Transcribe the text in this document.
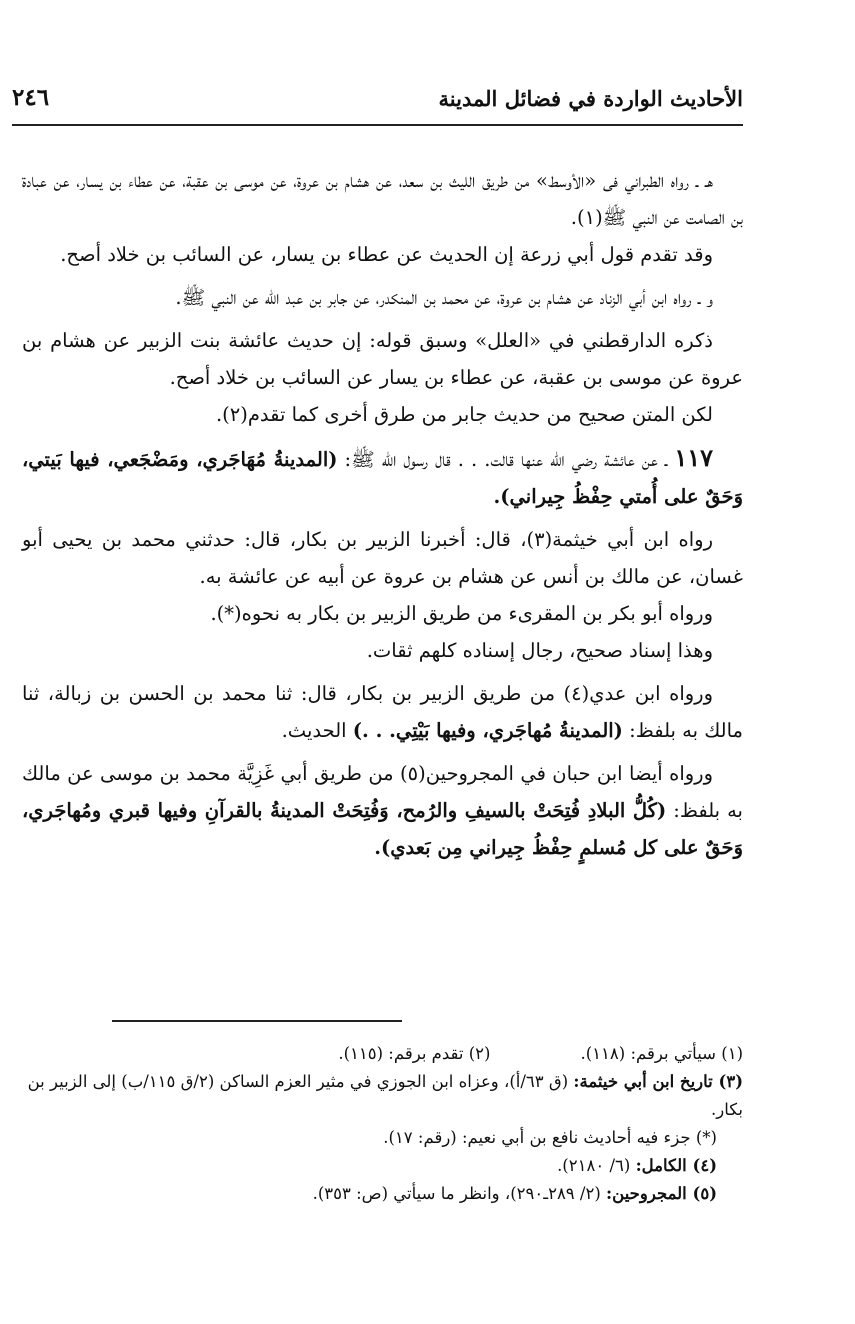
الأحاديث الواردة في فضائل المدينة
٢٤٦

هـ ـ رواه الطبراني فى «الأوسط» من طريق الليث بن سعد، عن هشام بن عروة، عن موسى بن عقبة، عن عطاء بن يسار، عن عبادة بن الصامت عن النبي ﷺ(١).

وقد تقدم قول أبي زرعة إن الحديث عن عطاء بن يسار، عن السائب بن خلاد أصح.

و ـ رواه ابن أبي الزناد عن هشام بن عروة، عن محمد بن المنكدر، عن جابر بن عبد الله عن النبي ﷺ.

ذكره الدارقطني في «العلل» وسبق قوله: إن حديث عائشة بنت الزبير عن هشام بن عروة عن موسى بن عقبة، عن عطاء بن يسار عن السائب بن خلاد أصح.

لكن المتن صحيح من حديث جابر من طرق أخرى كما تقدم(٢).

١١٧ ـ عن عائشة رضي الله عنها قالت. . . قال رسول الله ﷺ: (المدينةُ مُهَاجَري، ومَضْجَعي، فيها بَيتي، وَحَقٌ على أُمتي حِفْظُ جِيراني).

رواه ابن أبي خيثمة(٣)، قال: أخبرنا الزبير بن بكار، قال: حدثني محمد بن يحيى أبو غسان، عن مالك بن أنس عن هشام بن عروة عن أبيه عن عائشة به.

ورواه أبو بكر بن المقرىء من طريق الزبير بن بكار به نحوه(*).

وهذا إسناد صحيح، رجال إسناده كلهم ثقات.

ورواه ابن عدي(٤) من طريق الزبير بن بكار، قال: ثنا محمد بن الحسن بن زبالة، ثنا مالك به بلفظ: (المدينةُ مُهاجَري، وفيها بَيْتِي. . .) الحديث.

ورواه أيضا ابن حبان في المجروحين(٥) من طريق أبي غَزِيَّة محمد بن موسى عن مالك به بلفظ: (كُلُّ البلادِ فُتِحَتْ بالسيفِ والرُمح، وَفُتِحَتْ المدينةُ بالقرآنِ وفيها قبري ومُهاجَري، وَحَقٌ على كل مُسلمٍ حِفْظُ جِيراني مِن بَعدي).

(١) سيأتي برقم: (١١٨).

(٢) تقدم برقم: (١١٥).

(٣) تاريخ ابن أبي خيثمة: (ق ٦٣/أ)، وعزاه ابن الجوزي في مثير العزم الساكن (٢/ق ١١٥/ب) إلى الزبير بن بكار.

(*) جزء فيه أحاديث نافع بن أبي نعيم: (رقم: ١٧).

(٤) الكامل: (٦/ ٢١٨٠).

(٥) المجروحين: (٢/ ٢٨٩ـ٢٩٠)، وانظر ما سيأتي (ص: ٣٥٣).
